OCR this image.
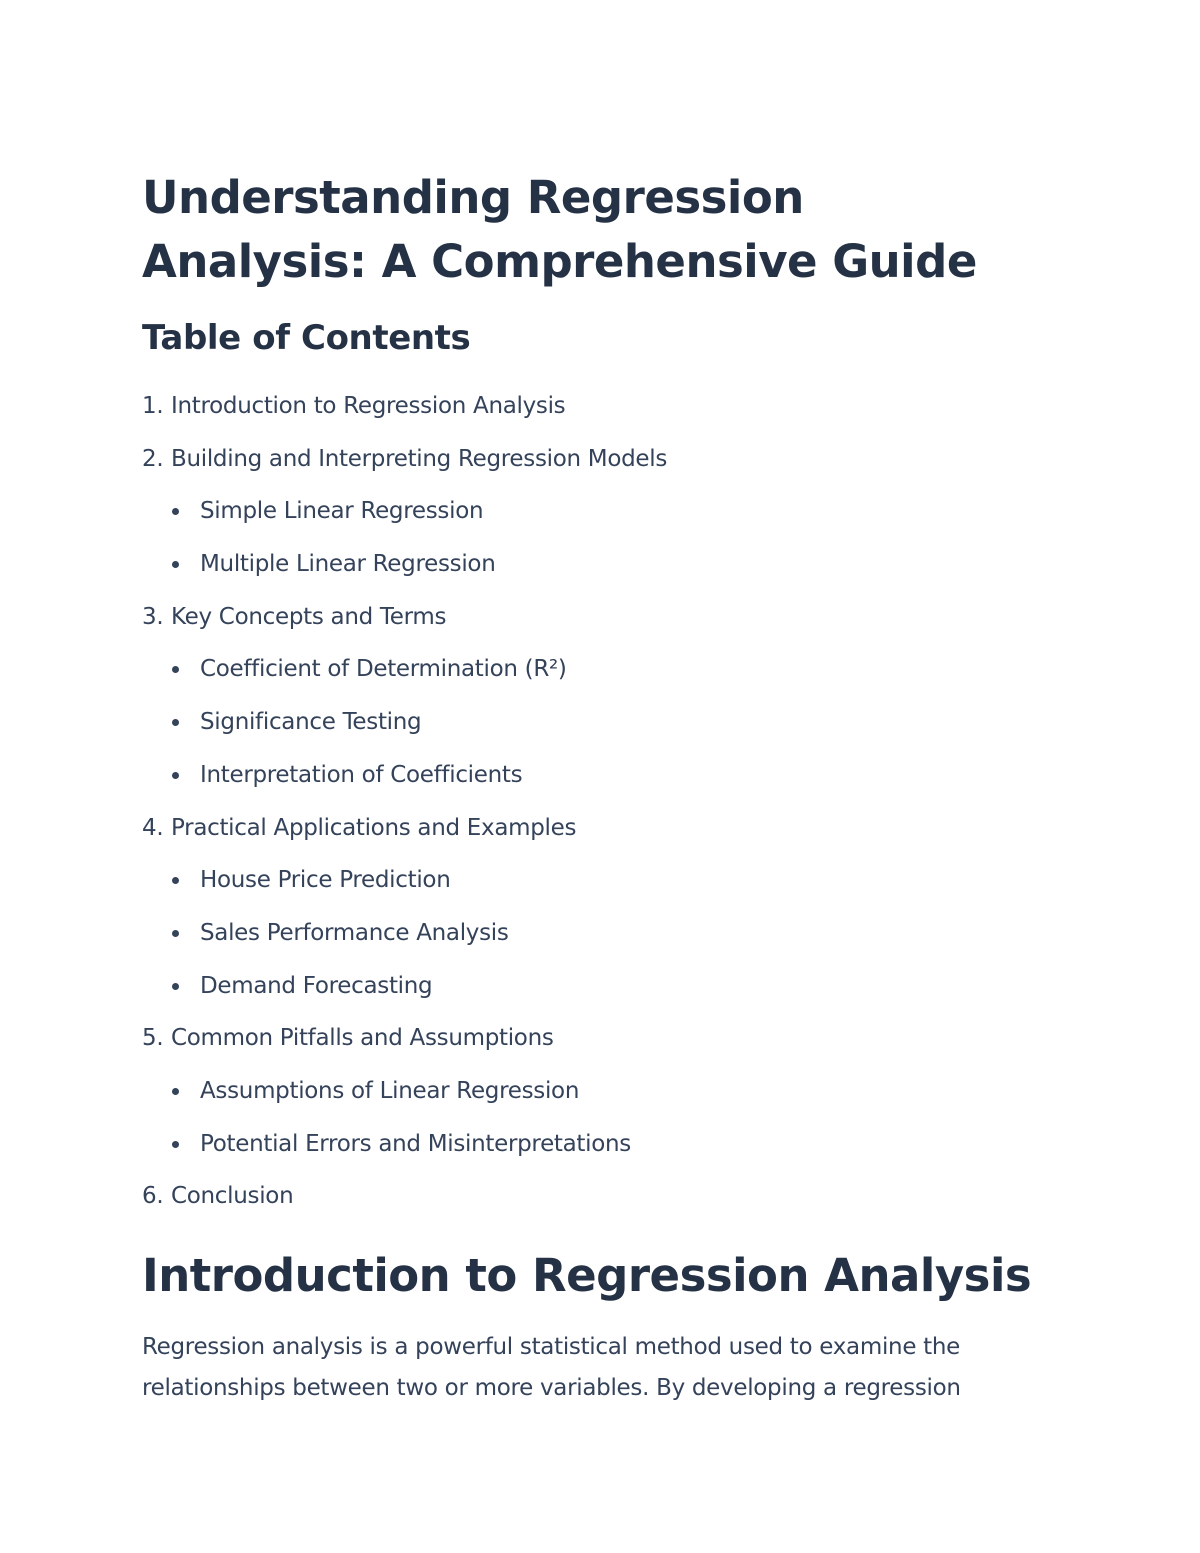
Understanding Regression Analysis: A Comprehensive Guide
Table of Contents
1. Introduction to Regression Analysis
2. Building and Interpreting Regression Models
Simple Linear Regression
Multiple Linear Regression
3. Key Concepts and Terms
Coefficient of Determination (R²)
Significance Testing
Interpretation of Coefficients
4. Practical Applications and Examples
House Price Prediction
Sales Performance Analysis
Demand Forecasting
5. Common Pitfalls and Assumptions
Assumptions of Linear Regression
Potential Errors and Misinterpretations
6. Conclusion
Introduction to Regression Analysis

Regression analysis is a powerful statistical method used to examine the relationships between two or more variables. By developing a regression
